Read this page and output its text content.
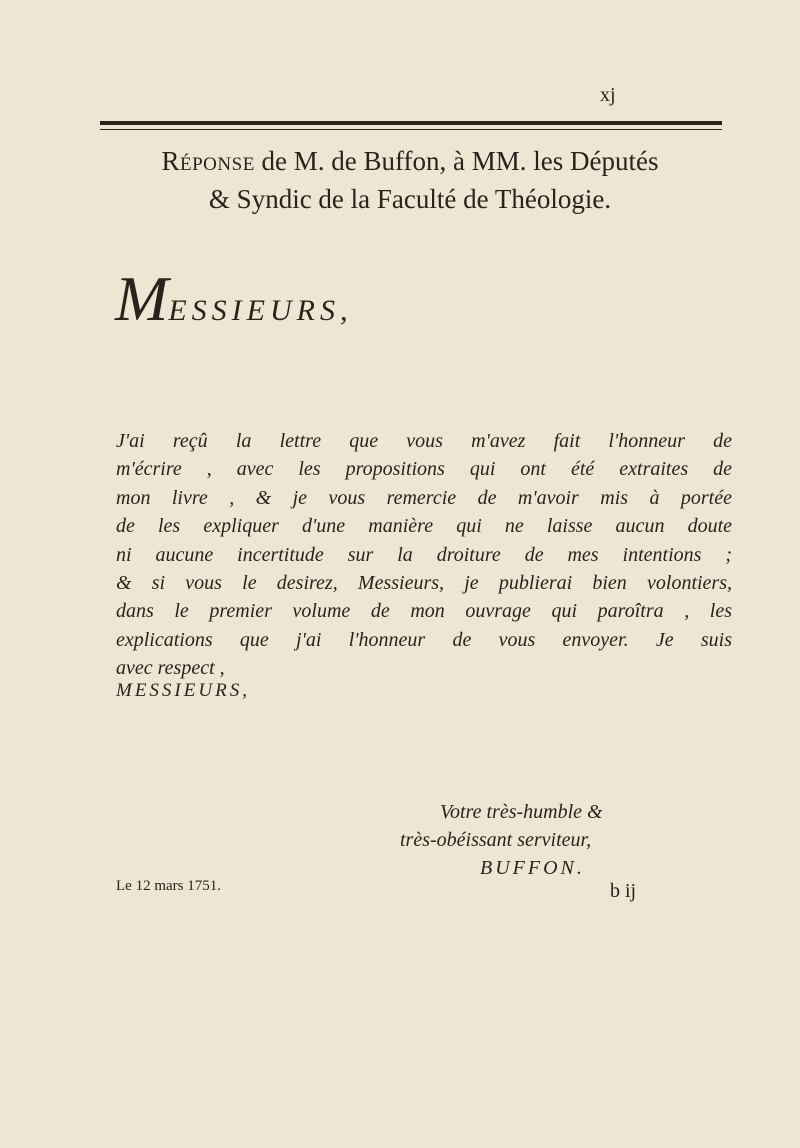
xj
Réponse de M. de Buffon, à MM. les Députés
& Syndic de la Faculté de Théologie.
MESSIEURS,

J'ai reçû la lettre que vous m'avez fait l'honneur de
m'écrire , avec les propositions qui ont été extraites de
mon livre , & je vous remercie de m'avoir mis à portée
de les expliquer d'une manière qui ne laisse aucun doute
ni aucune incertitude sur la droiture de mes intentions ;
& si vous le desirez, Messieurs, je publierai bien volontiers,
dans le premier volume de mon ouvrage qui paroîtra , les
explications que j'ai l'honneur de vous envoyer. Je suis
avec respect ,

MESSIEURS,
Votre très-humble &
très-obéissant serviteur,
BUFFON.
Le 12 mars 1751.	b ij
